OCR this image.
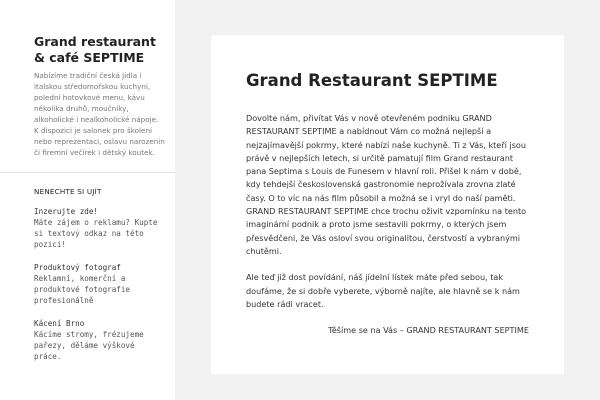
Grand restaurant & café SEPTIME

Nabízíme tradiční česká jídla i italskou středomořskou kuchyni, polední hotovkové menu, kávu několika druhů, moučníky, alkoholické i nealkoholické nápoje. K dispozici je salonek pro školení nebo reprezentaci, oslavu narozenin či firemní večírek i dětský koutek.

NENECHTE SI UJÍT
Inzerujte zde!
Máte zájem o reklamu? Kupte si textový odkaz na této pozici!
Produktový fotograf
Reklamní, komerční a produktové fotografie profesionálně
Kácení Brno
Kácíme stromy, frézujeme pařezy, děláme výškové práce.
Grand Restaurant SEPTIME

Dovolte nám, přivítat Vás v nově otevřeném podniku GRAND RESTAURANT SEPTIME a nabídnout Vám co možná nejlepší a nejzajímavější pokrmy, které nabízí naše kuchyně. Ti z Vás, kteří jsou právě v nejlepších letech, si určitě pamatují film Grand restaurant pana Septima s Louis de Funesem v hlavní roli. Přišel k nám v době, kdy tehdejší československá gastronomie neprožívala zrovna zlaté časy. O to víc na nás film působil a možná se i vryl do naší paměti. GRAND RESTAURANT SEPTIME chce trochu oživit vzpomínku na tento imaginární podnik a proto jsme sestavili pokrmy, o kterých jsem přesvědčeni, že Vás osloví svou originalitou, čerstvostí a vybranými chutěmi.

Ale teď již dost povídání, náš jídelní lístek máte před sebou, tak doufáme, že si dobře vyberete, výborně najíte, ale hlavně se k nám budete rádi vracet.

Těšíme se na Vás – GRAND RESTAURANT SEPTIME
